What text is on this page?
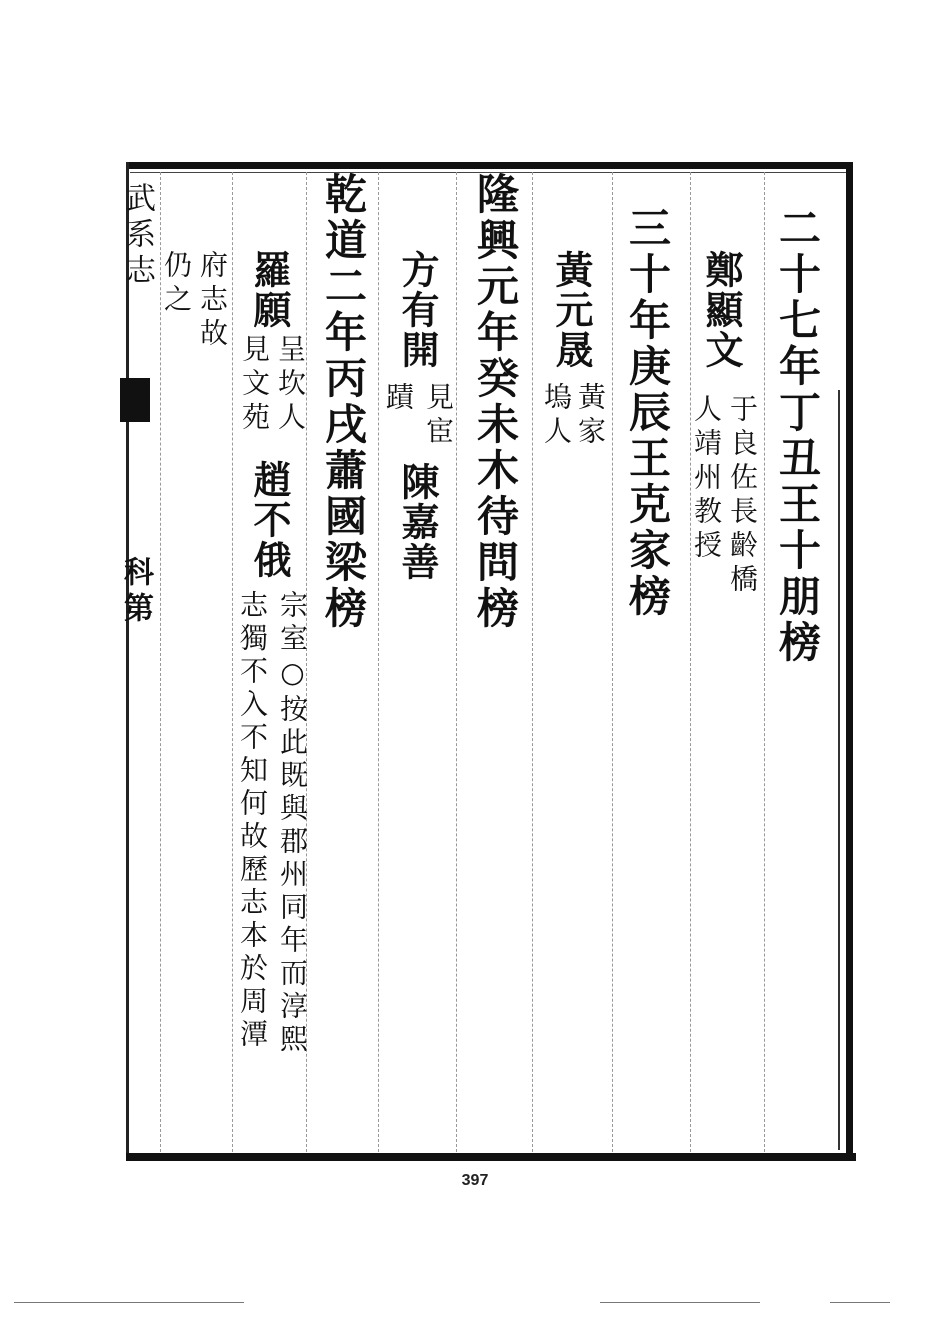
武系志
科第	二十七年丁丑王十朋榜
鄭顯文
于良佐長齡橋
人靖州教授
三十年庚辰王克家榜
黃元晟
黃家
塢人
隆興元年癸未木待問榜
方有開
見宦
蹟
陳嘉善
乾道二年丙戌蕭國梁榜
羅願
呈坎人
見文苑
趙不俄
宗室○按此既與郡州同年而淳熙
志獨不入不知何故歷志本於周潭
府志故
仍之
397
